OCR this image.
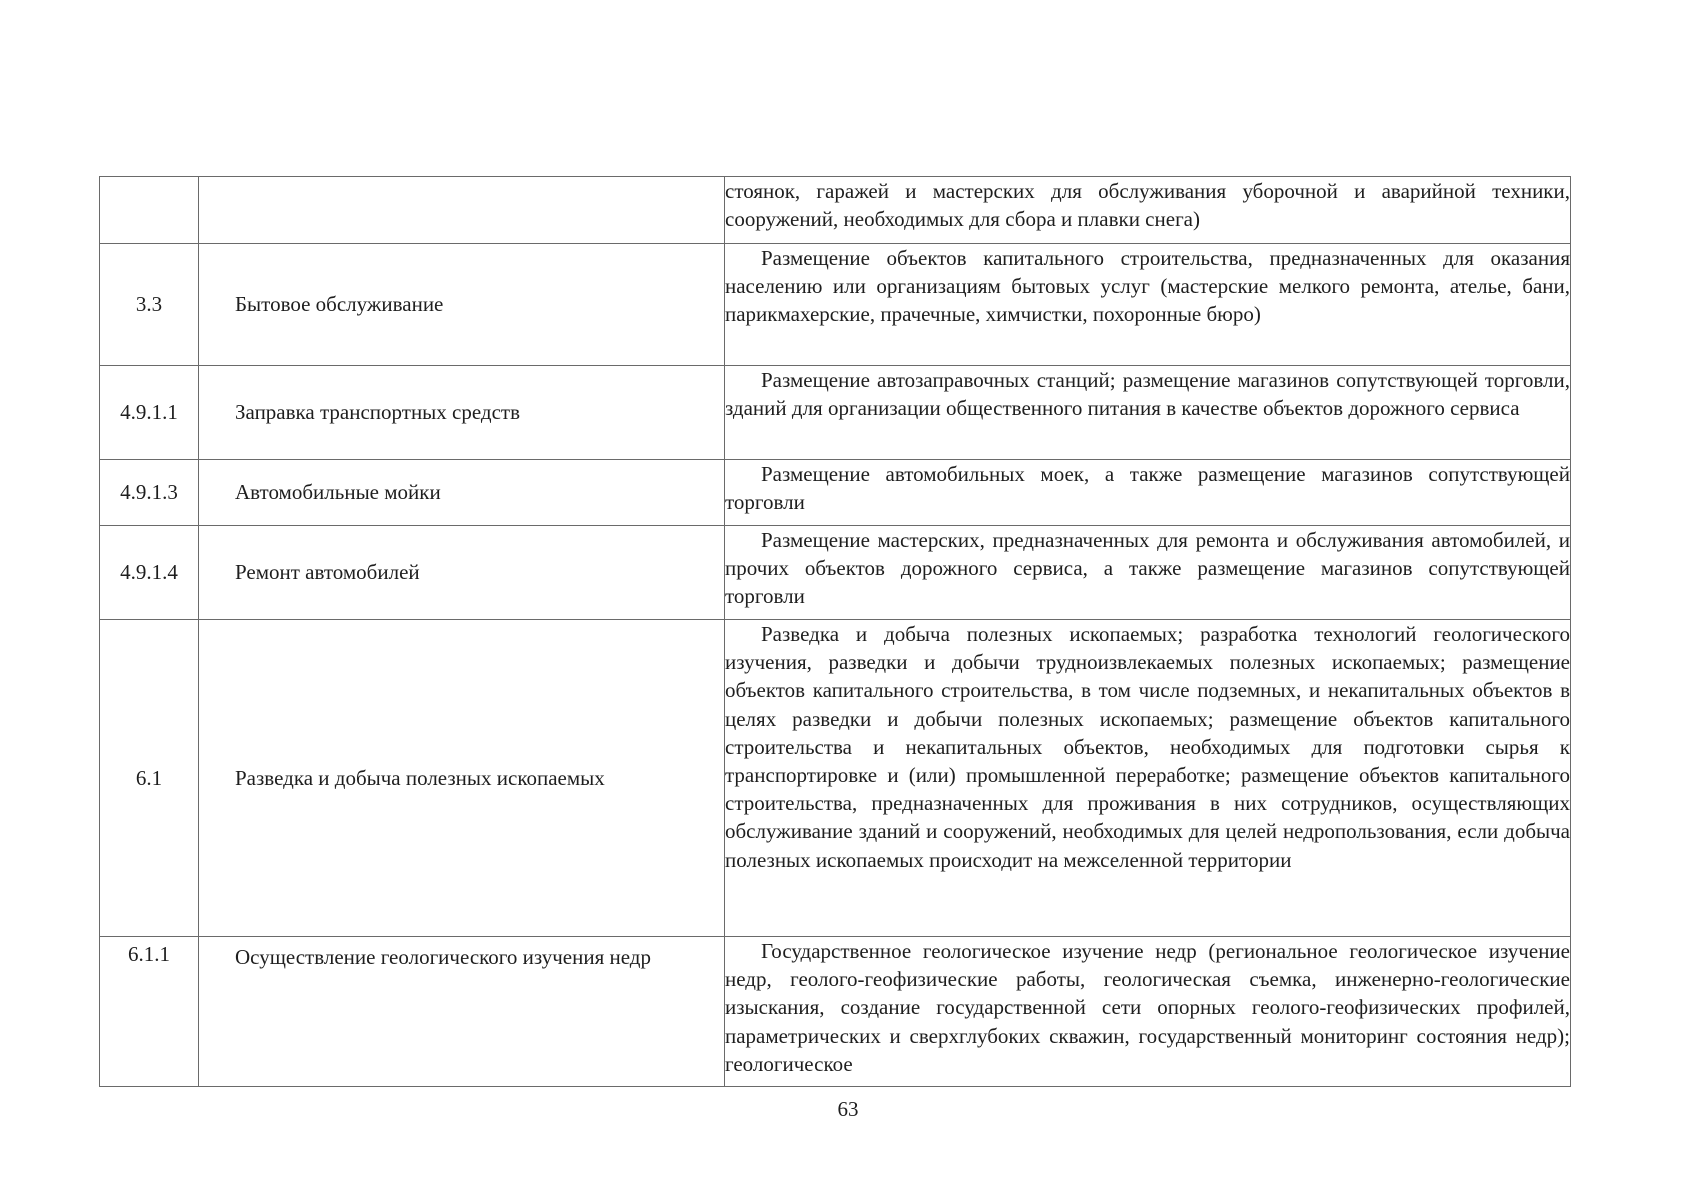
		стоянок, гаражей и мастерских для обслуживания уборочной и аварийной техники, сооружений, необходимых для сбора и плавки снега)

3.3	Бытовое обслуживание	Размещение объектов капитального строительства, предназначенных для оказания населению или организациям бытовых услуг (мастерские мелкого ремонта, ателье, бани, парикмахерские, прачечные, химчистки, похоронные бюро)

4.9.1.1	Заправка транспортных средств	Размещение автозаправочных станций; размещение магазинов сопутствующей торговли, зданий для организации общественного питания в качестве объектов дорожного сервиса

4.9.1.3	Автомобильные мойки	Размещение автомобильных моек, а также размещение магазинов сопутствующей торговли

4.9.1.4	Ремонт автомобилей	Размещение мастерских, предназначенных для ремонта и обслуживания автомобилей, и прочих объектов дорожного сервиса, а также размещение магазинов сопутствующей торговли

6.1	Разведка и добыча полезных ископаемых	Разведка и добыча полезных ископаемых; разработка технологий геологического изучения, разведки и добычи трудноизвлекаемых полезных ископаемых; размещение объектов капитального строительства, в том числе подземных, и некапитальных объектов в целях разведки и добычи полезных ископаемых; размещение объектов капитального строительства и некапитальных объектов, необходимых для подготовки сырья к транспортировке и (или) промышленной переработке; размещение объектов капитального строительства, предназначенных для проживания в них сотрудников, осуществляющих обслуживание зданий и сооружений, необходимых для целей недропользования, если добыча полезных ископаемых происходит на межселенной территории

6.1.1	Осуществление геологического изучения недр	Государственное геологическое изучение недр (региональное геологическое изучение недр, геолого-геофизические работы, геологическая съемка, инженерно-геологические изыскания, создание государственной сети опорных геолого-геофизических профилей, параметрических и сверхглубоких скважин, государственный мониторинг состояния недр); геологическое
63
